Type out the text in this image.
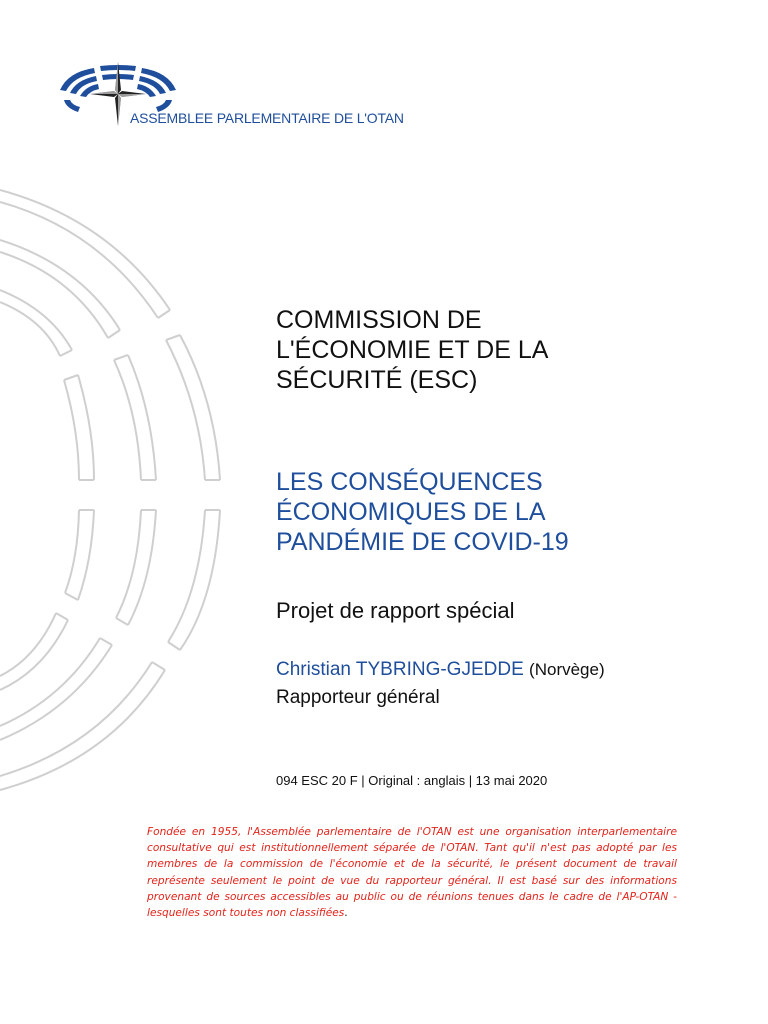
ASSEMBLEE PARLEMENTAIRE DE L'OTAN
COMMISSION DE
L'ÉCONOMIE ET DE LA
SÉCURITÉ (ESC)
LES CONSÉQUENCES
ÉCONOMIQUES DE LA
PANDÉMIE DE COVID-19
Projet de rapport spécial
Christian TYBRING-GJEDDE (Norvège)
Rapporteur général
094 ESC 20 F | Original : anglais | 13 mai 2020
Fondée en 1955, l'Assemblée parlementaire de l'OTAN est une organisation interparlementaire consultative qui est institutionnellement séparée de l'OTAN. Tant qu'il n'est pas adopté par les membres de la commission de l'économie et de la sécurité, le présent document de travail représente seulement le point de vue du rapporteur général. Il est basé sur des informations provenant de sources accessibles au public ou de réunions tenues dans le cadre de l'AP-OTAN - lesquelles sont toutes non classifiées.
